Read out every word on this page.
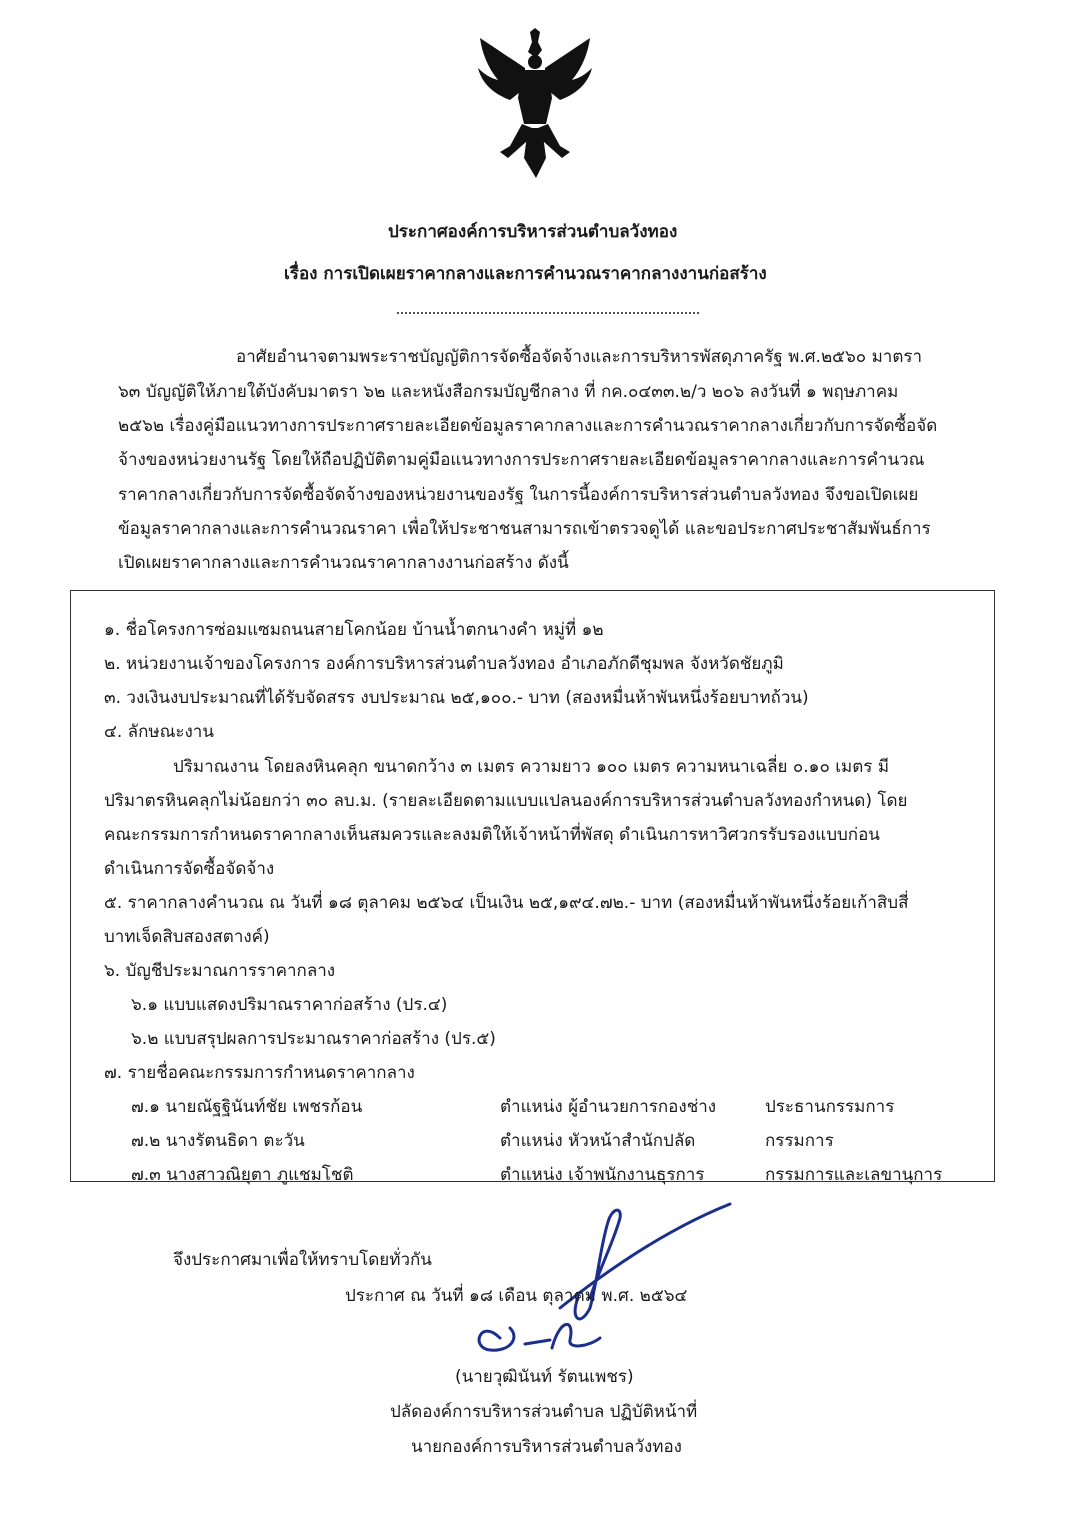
ประกาศองค์การบริหารส่วนตำบลวังทอง
เรื่อง การเปิดเผยราคากลางและการคำนวณราคากลางงานก่อสร้าง
อาศัยอำนาจตามพระราชบัญญัติการจัดซื้อจัดจ้างและการบริหารพัสดุภาครัฐ พ.ศ.๒๕๖๐ มาตรา
๖๓ บัญญัติให้ภายใต้บังคับมาตรา ๖๒ และหนังสือกรมบัญชีกลาง ที่ กค.๐๔๓๓.๒/ว ๒๐๖ ลงวันที่ ๑ พฤษภาคม
๒๕๖๒ เรื่องคู่มือแนวทางการประกาศรายละเอียดข้อมูลราคากลางและการคำนวณราคากลางเกี่ยวกับการจัดซื้อจัด
จ้างของหน่วยงานรัฐ โดยให้ถือปฏิบัติตามคู่มือแนวทางการประกาศรายละเอียดข้อมูลราคากลางและการคำนวณ
ราคากลางเกี่ยวกับการจัดซื้อจัดจ้างของหน่วยงานของรัฐ ในการนี้องค์การบริหารส่วนตำบลวังทอง จึงขอเปิดเผย
ข้อมูลราคากลางและการคำนวณราคา เพื่อให้ประชาชนสามารถเข้าตรวจดูได้ และขอประกาศประชาสัมพันธ์การ
เปิดเผยราคากลางและการคำนวณราคากลางงานก่อสร้าง ดังนี้
๑. ชื่อโครงการซ่อมแซมถนนสายโคกน้อย บ้านน้ำตกนางคำ หมู่ที่ ๑๒
๒. หน่วยงานเจ้าของโครงการ องค์การบริหารส่วนตำบลวังทอง อำเภอภักดีชุมพล จังหวัดชัยภูมิ
๓. วงเงินงบประมาณที่ได้รับจัดสรร งบประมาณ ๒๕,๑๐๐.- บาท (สองหมื่นห้าพันหนึ่งร้อยบาทถ้วน)
๔. ลักษณะงาน
ปริมาณงาน โดยลงหินคลุก ขนาดกว้าง ๓ เมตร ความยาว ๑๐๐ เมตร ความหนาเฉลี่ย ๐.๑๐ เมตร มี
ปริมาตรหินคลุกไม่น้อยกว่า ๓๐ ลบ.ม. (รายละเอียดตามแบบแปลนองค์การบริหารส่วนตำบลวังทองกำหนด) โดย
คณะกรรมการกำหนดราคากลางเห็นสมควรและลงมติให้เจ้าหน้าที่พัสดุ ดำเนินการหาวิศวกรรับรองแบบก่อน
ดำเนินการจัดซื้อจัดจ้าง
๕. ราคากลางคำนวณ ณ วันที่ ๑๘ ตุลาคม ๒๕๖๔ เป็นเงิน ๒๕,๑๙๔.๗๒.- บาท (สองหมื่นห้าพันหนึ่งร้อยเก้าสิบสี่
บาทเจ็ดสิบสองสตางค์)
๖. บัญชีประมาณการราคากลาง
๖.๑ แบบแสดงปริมาณราคาก่อสร้าง (ปร.๔)
๖.๒ แบบสรุปผลการประมาณราคาก่อสร้าง (ปร.๕)
๗. รายชื่อคณะกรรมการกำหนดราคากลาง
๗.๑ นายณัฐฐินันท์ชัย เพชรก้อน	ตำแหน่ง ผู้อำนวยการกองช่าง	ประธานกรรมการ
๗.๒ นางรัตนธิดา ตะวัน	ตำแหน่ง หัวหน้าสำนักปลัด	กรรมการ
๗.๓ นางสาวณิยุตา ภูแชมโชติ	ตำแหน่ง เจ้าพนักงานธุรการ	กรรมการและเลขานุการ
จึงประกาศมาเพื่อให้ทราบโดยทั่วกัน
ประกาศ ณ วันที่ ๑๘ เดือน ตุลาคม พ.ศ. ๒๕๖๔
(นายวุฒินันท์ รัตนเพชร)
ปลัดองค์การบริหารส่วนตำบล ปฏิบัติหน้าที่
นายกองค์การบริหารส่วนตำบลวังทอง
